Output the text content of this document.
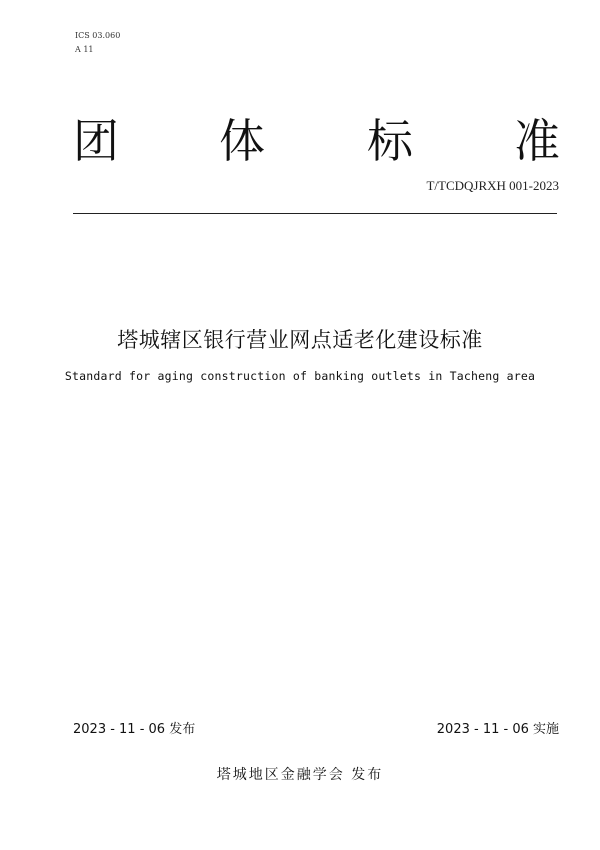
ICS 03.060
A 11
团 体 标 准
T/TCDQJRXH 001-2023
塔城辖区银行营业网点适老化建设标准
Standard for aging construction of banking outlets in Tacheng area
2023 - 11 - 06 发布	2023 - 11 - 06 实施
塔城地区金融学会 发布
